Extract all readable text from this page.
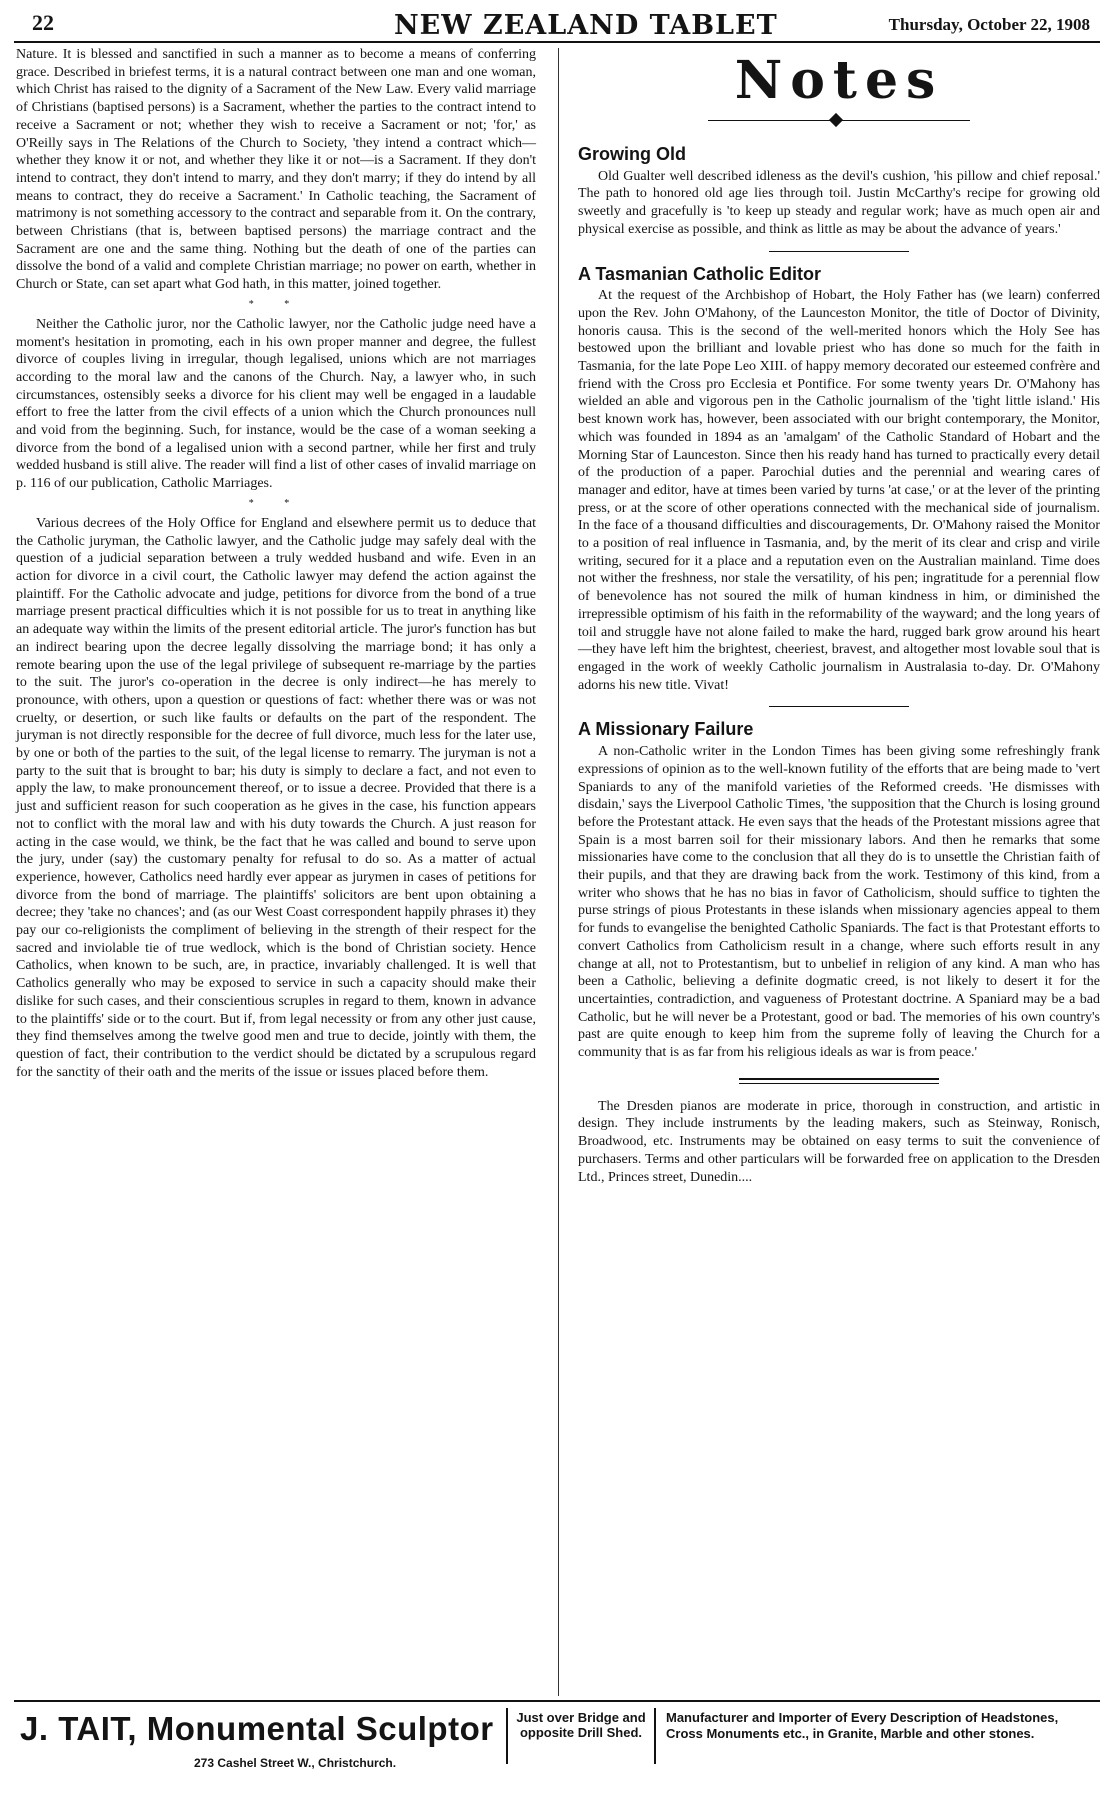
22	NEW ZEALAND TABLET	Thursday, October 22, 1908

Nature. It is blessed and sanctified in such a manner as to become a means of conferring grace. Described in briefest terms, it is a natural contract between one man and one woman, which Christ has raised to the dignity of a Sacrament of the New Law. Every valid marriage of Christians (baptised persons) is a Sacrament, whether the parties to the contract intend to receive a Sacrament or not; whether they wish to receive a Sacrament or not; 'for,' as O'Reilly says in The Relations of the Church to Society, 'they intend a contract which—whether they know it or not, and whether they like it or not—is a Sacrament. If they don't intend to contract, they don't intend to marry, and they don't marry; if they do intend by all means to contract, they do receive a Sacrament.' In Catholic teaching, the Sacrament of matrimony is not something accessory to the contract and separable from it. On the contrary, between Christians (that is, between baptised persons) the marriage contract and the Sacrament are one and the same thing. Nothing but the death of one of the parties can dissolve the bond of a valid and complete Christian marriage; no power on earth, whether in Church or State, can set apart what God hath, in this matter, joined together.

* *

Neither the Catholic juror, nor the Catholic lawyer, nor the Catholic judge need have a moment's hesitation in promoting, each in his own proper manner and degree, the fullest divorce of couples living in irregular, though legalised, unions which are not marriages according to the moral law and the canons of the Church. Nay, a lawyer who, in such circumstances, ostensibly seeks a divorce for his client may well be engaged in a laudable effort to free the latter from the civil effects of a union which the Church pronounces null and void from the beginning. Such, for instance, would be the case of a woman seeking a divorce from the bond of a legalised union with a second partner, while her first and truly wedded husband is still alive. The reader will find a list of other cases of invalid marriage on p. 116 of our publication, Catholic Marriages.

* *

Various decrees of the Holy Office for England and elsewhere permit us to deduce that the Catholic juryman, the Catholic lawyer, and the Catholic judge may safely deal with the question of a judicial separation between a truly wedded husband and wife. Even in an action for divorce in a civil court, the Catholic lawyer may defend the action against the plaintiff. For the Catholic advocate and judge, petitions for divorce from the bond of a true marriage present practical difficulties which it is not possible for us to treat in anything like an adequate way within the limits of the present editorial article. The juror's function has but an indirect bearing upon the decree legally dissolving the marriage bond; it has only a remote bearing upon the use of the legal privilege of subsequent re-marriage by the parties to the suit. The juror's co-operation in the decree is only indirect—he has merely to pronounce, with others, upon a question or questions of fact: whether there was or was not cruelty, or desertion, or such like faults or defaults on the part of the respondent. The juryman is not directly responsible for the decree of full divorce, much less for the later use, by one or both of the parties to the suit, of the legal license to remarry. The juryman is not a party to the suit that is brought to bar; his duty is simply to declare a fact, and not even to apply the law, to make pronouncement thereof, or to issue a decree. Provided that there is a just and sufficient reason for such cooperation as he gives in the case, his function appears not to conflict with the moral law and with his duty towards the Church. A just reason for acting in the case would, we think, be the fact that he was called and bound to serve upon the jury, under (say) the customary penalty for refusal to do so. As a matter of actual experience, however, Catholics need hardly ever appear as jurymen in cases of petitions for divorce from the bond of marriage. The plaintiffs' solicitors are bent upon obtaining a decree; they 'take no chances'; and (as our West Coast correspondent happily phrases it) they pay our co-religionists the compliment of believing in the strength of their respect for the sacred and inviolable tie of true wedlock, which is the bond of Christian society. Hence Catholics, when known to be such, are, in practice, invariably challenged. It is well that Catholics generally who may be exposed to service in such a capacity should make their dislike for such cases, and their conscientious scruples in regard to them, known in advance to the plaintiffs' side or to the court. But if, from legal necessity or from any other just cause, they find themselves among the twelve good men and true to decide, jointly with them, the question of fact, their contribution to the verdict should be dictated by a scrupulous regard for the sanctity of their oath and the merits of the issue or issues placed before them.

Notes
Growing Old

Old Gualter well described idleness as the devil's cushion, 'his pillow and chief reposal.' The path to honored old age lies through toil. Justin McCarthy's recipe for growing old sweetly and gracefully is 'to keep up steady and regular work; have as much open air and physical exercise as possible, and think as little as may be about the advance of years.'

A Tasmanian Catholic Editor

At the request of the Archbishop of Hobart, the Holy Father has (we learn) conferred upon the Rev. John O'Mahony, of the Launceston Monitor, the title of Doctor of Divinity, honoris causa. This is the second of the well-merited honors which the Holy See has bestowed upon the brilliant and lovable priest who has done so much for the faith in Tasmania, for the late Pope Leo XIII. of happy memory decorated our esteemed confrère and friend with the Cross pro Ecclesia et Pontifice. For some twenty years Dr. O'Mahony has wielded an able and vigorous pen in the Catholic journalism of the 'tight little island.' His best known work has, however, been associated with our bright contemporary, the Monitor, which was founded in 1894 as an 'amalgam' of the Catholic Standard of Hobart and the Morning Star of Launceston. Since then his ready hand has turned to practically every detail of the production of a paper. Parochial duties and the perennial and wearing cares of manager and editor, have at times been varied by turns 'at case,' or at the lever of the printing press, or at the score of other operations connected with the mechanical side of journalism. In the face of a thousand difficulties and discouragements, Dr. O'Mahony raised the Monitor to a position of real influence in Tasmania, and, by the merit of its clear and crisp and virile writing, secured for it a place and a reputation even on the Australian mainland. Time does not wither the freshness, nor stale the versatility, of his pen; ingratitude for a perennial flow of benevolence has not soured the milk of human kindness in him, or diminished the irrepressible optimism of his faith in the reformability of the wayward; and the long years of toil and struggle have not alone failed to make the hard, rugged bark grow around his heart—they have left him the brightest, cheeriest, bravest, and altogether most lovable soul that is engaged in the work of weekly Catholic journalism in Australasia to-day. Dr. O'Mahony adorns his new title. Vivat!

A Missionary Failure

A non-Catholic writer in the London Times has been giving some refreshingly frank expressions of opinion as to the well-known futility of the efforts that are being made to 'vert Spaniards to any of the manifold varieties of the Reformed creeds. 'He dismisses with disdain,' says the Liverpool Catholic Times, 'the supposition that the Church is losing ground before the Protestant attack. He even says that the heads of the Protestant missions agree that Spain is a most barren soil for their missionary labors. And then he remarks that some missionaries have come to the conclusion that all they do is to unsettle the Christian faith of their pupils, and that they are drawing back from the work. Testimony of this kind, from a writer who shows that he has no bias in favor of Catholicism, should suffice to tighten the purse strings of pious Protestants in these islands when missionary agencies appeal to them for funds to evangelise the benighted Catholic Spaniards. The fact is that Protestant efforts to convert Catholics from Catholicism result in a change, where such efforts result in any change at all, not to Protestantism, but to unbelief in religion of any kind. A man who has been a Catholic, believing a definite dogmatic creed, is not likely to desert it for the uncertainties, contradiction, and vagueness of Protestant doctrine. A Spaniard may be a bad Catholic, but he will never be a Protestant, good or bad. The memories of his own country's past are quite enough to keep him from the supreme folly of leaving the Church for a community that is as far from his religious ideals as war is from peace.'

The Dresden pianos are moderate in price, thorough in construction, and artistic in design. They include instruments by the leading makers, such as Steinway, Ronisch, Broadwood, etc. Instruments may be obtained on easy terms to suit the convenience of purchasers. Terms and other particulars will be forwarded free on application to the Dresden Ltd., Princes street, Dunedin....

J. TAIT, Monumental Sculptor
273 Cashel Street W., Christchurch.
Just over Bridge and opposite Drill Shed.
Manufacturer and Importer of Every Description of Headstones, Cross Monuments etc., in Granite, Marble and other stones.
